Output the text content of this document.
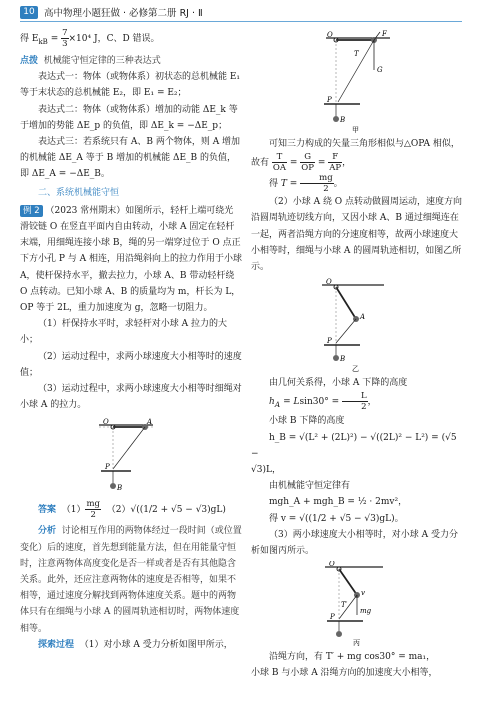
10 高中物理小题狂做 · 必修第二册 RJ · Ⅱ

得 $E_{kB} = \frac{7}{3} \times 10^4$ J，C、D 错误。

点拨 机械能守恒定律的三种表达式

表达式一：物体（或物体系）初状态的总机械能 E₁ 等于末状态的总机械能 E₂，即 E₁ = E₂；

表达式二：物体（或物体系）增加的动能 ΔE_k 等于增加的势能 ΔE_p 的负值，即 ΔE_k = −ΔE_p；

表达式三：若系统只有 A、B 两个物体，则 A 增加的机械能 ΔE_A 等于 B 增加的机械能 ΔE_B 的负值，即 ΔE_A = −ΔE_B。

二、系统机械能守恒

例 2 （2023 常州期末）如图所示，轻杆上端可绕光滑铰链 O 在竖直平面内自由转动，小球 A 固定在轻杆末端，用细绳连接小球 B，绳的另一端穿过位于 O 点正下方小孔 P 与 A 相连，用沿绳斜向上的拉力作用于小球 A，使杆保持水平，撤去拉力，小球 A、B 带动轻杆绕 O 点转动。已知小球 A、B 的质量均为 m，杆长为 L，OP 等于 2L，重力加速度为 g，忽略一切阻力。

（1）杆保持水平时，求轻杆对小球 A 拉力的大小；

（2）运动过程中，求两小球速度大小相等时的速度值；

（3）运动过程中，求两小球速度大小相等时细绳对小球 A 的拉力。

O	A
P
B

答案 $(1) \frac{mg}{2} (2)√((1/2 + √5 - √3)gL)$

分析 讨论相互作用的两物体经过一段时间（或位置变化）后的速度，首先想到能量方法，但在用能量守恒时，注意两物体高度变化是否一样或者是否有其他隐含关系。此外，还应注意两物体的速度是否相等，如果不相等，通过速度分解找到两物体速度关系。题中的两物体只有在细绳与小球 A 的圆周轨迹相切时，两物体速度相等。

探索过程 （1）对小球 A 受力分析如图甲所示，

O	F
G
T
P
B
甲

可知三力构成的矢量三角形相似与△OPA 相似，

故有 $\frac{T}{OA} = \frac{G}{OP} = \frac{F}{AP}$ ，

得 $T = \frac{mg}{2}$ 。

（2）小球 A 绕 O 点转动做圆周运动，速度方向沿圆周轨迹切线方向，又因小球 A、B 通过细绳连在一起，两者沿绳方向的分速度相等，故两小球速度大小相等时，细绳与小球 A 的圆周轨迹相切，如图乙所示。

O
A
P
B
乙

由几何关系得，小球 A 下降的高度

$h_A = Lsin30^\circ = \frac{L}{2}$ ，

小球 B 下降的高度

h_B = √(L² + (2L)²) − √((2L)² − L²) = (√5 −

√3)L，

由机械能守恒定律有

mgh_A + mgh_B = ½ · 2mv²，

得 v = √((1/2 + √5 − √3)gL)。

（3）两小球速度大小相等时，对小球 A 受力分析如图丙所示。

O
v
mg
T′
P
丙

沿绳方向，有 T′ + mg cos30° = ma₁，

小球 B 与小球 A 沿绳方向的加速度大小相等，
